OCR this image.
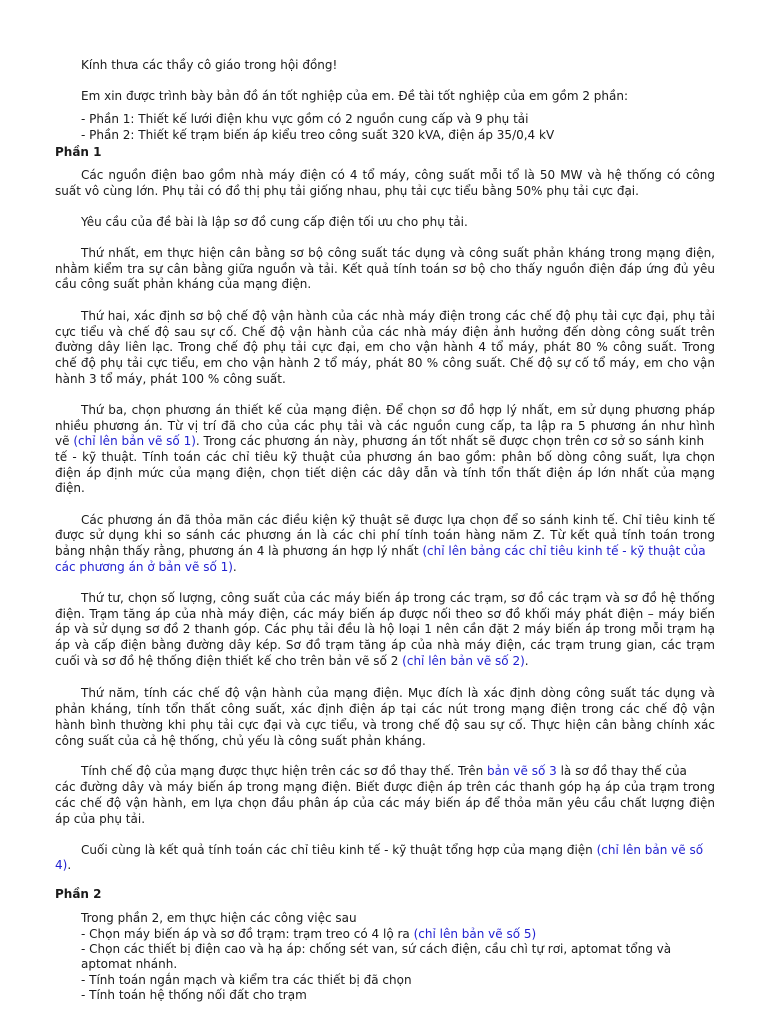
Kính thưa các thầy cô giáo trong hội đồng!
Em xin được trình bày bản đồ án tốt nghiệp của em. Đề tài tốt nghiệp của em gồm 2 phần:
- Phần 1: Thiết kế lưới điện khu vực gồm có 2 nguồn cung cấp và 9 phụ tải
- Phần 2: Thiết kế trạm biến áp kiểu treo công suất 320 kVA, điện áp 35/0,4 kV
Phần 1
Các nguồn điện bao gồm nhà máy điện có 4 tổ máy, công suất mỗi tổ là 50 MW và hệ thống có công
suất vô cùng lớn. Phụ tải có đồ thị phụ tải giống nhau, phụ tải cực tiểu bằng 50% phụ tải cực đại.
Yêu cầu của đề bài là lập sơ đồ cung cấp điện tối ưu cho phụ tải.
Thứ nhất, em thực hiện cân bằng sơ bộ công suất tác dụng và công suất phản kháng trong mạng điện,
nhằm kiểm tra sự cân bằng giữa nguồn và tải. Kết quả tính toán sơ bộ cho thấy nguồn điện đáp ứng đủ yêu
cầu công suất phản kháng của mạng điện.
Thứ hai, xác định sơ bộ chế độ vận hành của các nhà máy điện trong các chế độ phụ tải cực đại, phụ tải
cực tiểu và chế độ sau sự cố. Chế độ vận hành của các nhà máy điện ảnh hưởng đến dòng công suất trên
đường dây liên lạc. Trong chế độ phụ tải cực đại, em cho vận hành 4 tổ máy, phát 80 % công suất. Trong
chế độ phụ tải cực tiểu, em cho vận hành 2 tổ máy, phát 80 % công suất. Chế độ sự cố tổ máy, em cho vận
hành 3 tổ máy, phát 100 % công suất.
Thứ ba, chọn phương án thiết kế của mạng điện. Để chọn sơ đồ hợp lý nhất, em sử dụng phương pháp
nhiều phương án. Từ vị trí đã cho của các phụ tải và các nguồn cung cấp, ta lập ra 5 phương án như hình
vẽ (chỉ lên bản vẽ số 1). Trong các phương án này, phương án tốt nhất sẽ được chọn trên cơ sở so sánh kinh
tế - kỹ thuật. Tính toán các chỉ tiêu kỹ thuật của phương án bao gồm: phân bố dòng công suất, lựa chọn
điện áp định mức của mạng điện, chọn tiết diện các dây dẫn và tính tổn thất điện áp lớn nhất của mạng
điện.
Các phương án đã thỏa mãn các điều kiện kỹ thuật sẽ được lựa chọn để so sánh kinh tế. Chỉ tiêu kinh tế
được sử dụng khi so sánh các phương án là các chi phí tính toán hàng năm Z. Từ kết quả tính toán trong
bảng nhận thấy rằng, phương án 4 là phương án hợp lý nhất (chỉ lên bảng các chỉ tiêu kinh tế - kỹ thuật của
các phương án ở bản vẽ số 1).
Thứ tư, chọn số lượng, công suất của các máy biến áp trong các trạm, sơ đồ các trạm và sơ đồ hệ thống
điện. Trạm tăng áp của nhà máy điện, các máy biến áp được nối theo sơ đồ khối máy phát điện – máy biến
áp và sử dụng sơ đồ 2 thanh góp. Các phụ tải đều là hộ loại 1 nên cần đặt 2 máy biến áp trong mỗi trạm hạ
áp và cấp điện bằng đường dây kép. Sơ đồ trạm tăng áp của nhà máy điện, các trạm trung gian, các trạm
cuối và sơ đồ hệ thống điện thiết kế cho trên bản vẽ số 2 (chỉ lên bản vẽ số 2).
Thứ năm, tính các chế độ vận hành của mạng điện. Mục đích là xác định dòng công suất tác dụng và
phản kháng, tính tổn thất công suất, xác định điện áp tại các nút trong mạng điện trong các chế độ vận
hành bình thường khi phụ tải cực đại và cực tiểu, và trong chế độ sau sự cố. Thực hiện cân bằng chính xác
công suất của cả hệ thống, chủ yếu là công suất phản kháng.
Tính chế độ của mạng được thực hiện trên các sơ đồ thay thế. Trên bản vẽ số 3 là sơ đồ thay thế của
các đường dây và máy biến áp trong mạng điện. Biết được điện áp trên các thanh góp hạ áp của trạm trong
các chế độ vận hành, em lựa chọn đầu phân áp của các máy biến áp để thỏa mãn yêu cầu chất lượng điện
áp của phụ tải.
Cuối cùng là kết quả tính toán các chỉ tiêu kinh tế - kỹ thuật tổng hợp của mạng điện (chỉ lên bản vẽ số
4).
Phần 2
Trong phần 2, em thực hiện các công việc sau
- Chọn máy biến áp và sơ đồ trạm: trạm treo có 4 lộ ra (chỉ lên bản vẽ số 5)
- Chọn các thiết bị điện cao và hạ áp: chống sét van, sứ cách điện, cầu chì tự rơi, aptomat tổng và
aptomat nhánh.
- Tính toán ngắn mạch và kiểm tra các thiết bị đã chọn
- Tính toán hệ thống nối đất cho trạm
